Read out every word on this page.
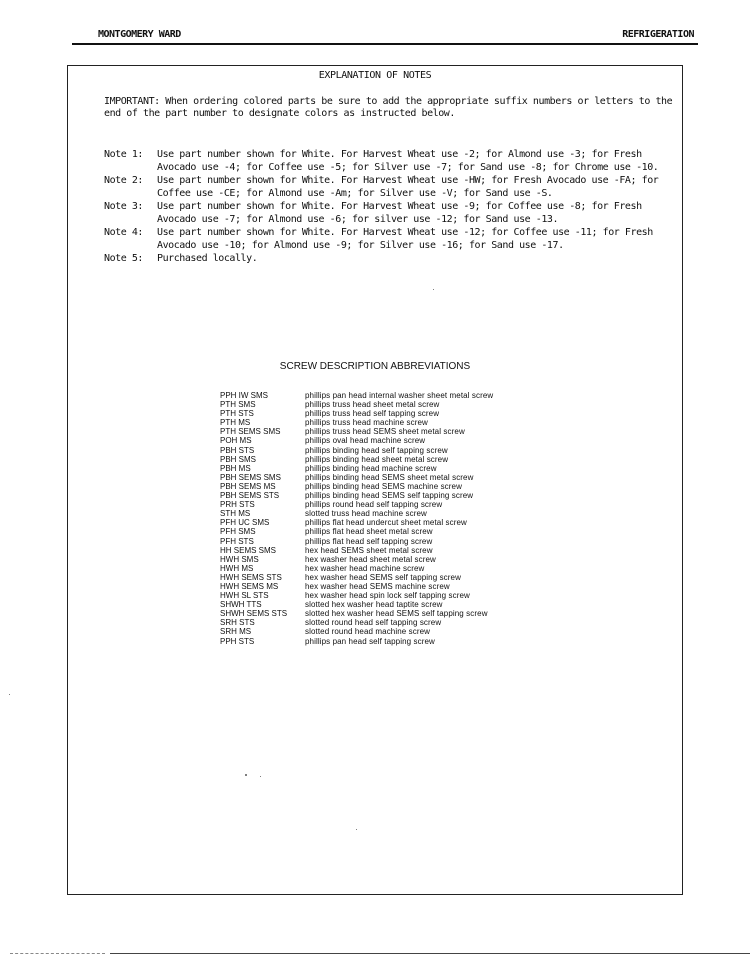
MONTGOMERY WARD	REFRIGERATION
EXPLANATION OF NOTES
IMPORTANT: When ordering colored parts be sure to add the appropriate suffix numbers or letters to the end of the part number to designate colors as instructed below.
Note 1:	Use part number shown for White. For Harvest Wheat use -2; for Almond use -3; for Fresh Avocado use -4; for Coffee use -5; for Silver use -7; for Sand use -8; for Chrome use -10.
Note 2:	Use part number shown for White. For Harvest Wheat use -HW; for Fresh Avocado use -FA; for Coffee use -CE; for Almond use -Am; for Silver use -V; for Sand use -S.
Note 3:	Use part number shown for White. For Harvest Wheat use -9; for Coffee use -8; for Fresh Avocado use -7; for Almond use -6; for silver use -12; for Sand use -13.
Note 4:	Use part number shown for White. For Harvest Wheat use -12; for Coffee use -11; for Fresh Avocado use -10; for Almond use -9; for Silver use -16; for Sand use -17.
Note 5:	Purchased locally.
SCREW DESCRIPTION ABBREVIATIONS
PPH IW SMS	phillips pan head internal washer sheet metal screw
PTH SMS	phillips truss head sheet metal screw
PTH STS	phillips truss head self tapping screw
PTH MS	phillips truss head machine screw
PTH SEMS SMS	phillips truss head SEMS sheet metal screw
POH MS	phillips oval head machine screw
PBH STS	phillips binding head self tapping screw
PBH SMS	phillips binding head sheet metal screw
PBH MS	phillips binding head machine screw
PBH SEMS SMS	phillips binding head SEMS sheet metal screw
PBH SEMS MS	phillips binding head SEMS machine screw
PBH SEMS STS	phillips binding head SEMS self tapping screw
PRH STS	phillips round head self tapping screw
STH MS	slotted truss head machine screw
PFH UC SMS	phillips flat head undercut sheet metal screw
PFH SMS	phillips flat head sheet metal screw
PFH STS	phillips flat head self tapping screw
HH SEMS SMS	hex head SEMS sheet metal screw
HWH SMS	hex washer head sheet metal screw
HWH MS	hex washer head machine screw
HWH SEMS STS	hex washer head SEMS self tapping screw
HWH SEMS MS	hex washer head SEMS machine screw
HWH SL STS	hex washer head spin lock self tapping screw
SHWH TTS	slotted hex washer head taptite screw
SHWH SEMS STS	slotted hex washer head SEMS self tapping screw
SRH STS	slotted round head self tapping screw
SRH MS	slotted round head machine screw
PPH STS	phillips pan head self tapping screw
